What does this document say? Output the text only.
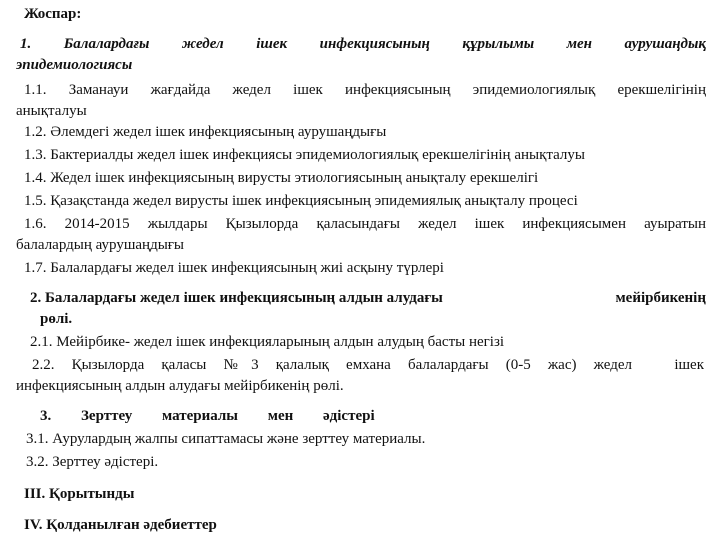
Жоспар:
1. Балалардағы жедел ішек инфекциясының құрылымы мен аурушаңдық
эпидемиологиясы
1.1. Заманауи жағдайда жедел ішек инфекциясының эпидемиологиялық ерекшелігінің
анықталуы
1.2. Әлемдегі жедел ішек инфекциясының аурушаңдығы
1.3. Бактериалды жедел ішек инфекциясы эпидемиологиялық ерекшелігінің анықталуы
1.4. Жедел ішек инфекциясының вирусты этиологиясының анықталу ерекшелігі
1.5. Қазақстанда жедел вирусты ішек инфекциясының эпидемиялық анықталу процесі
1.6. 2014-2015 жылдары Қызылорда қаласындағы жедел ішек инфекциясымен ауыратын
балалардың аурушаңдығы
1.7. Балалардағы жедел ішек инфекциясының жиі асқыну түрлері
2. Балалардағы жедел ішек инфекциясының алдын алудағы	мейірбикенің
рөлі.
2.1. Мейірбике- жедел ішек инфекцияларының алдын алудың басты негізі
2.2. Қызылорда қаласы №3 қалалық емхана балалардағы (0-5 жас) жедел	ішек
инфекциясының алдын алудағы мейірбикенің рөлі.
3. Зерттеу материалы мен әдістері
3.1. Аурулардың жалпы сипаттамасы және зерттеу материалы.
3.2. Зерттеу әдістері.
ІІІ. Қорытынды
ІV. Қолданылған әдебиеттер
